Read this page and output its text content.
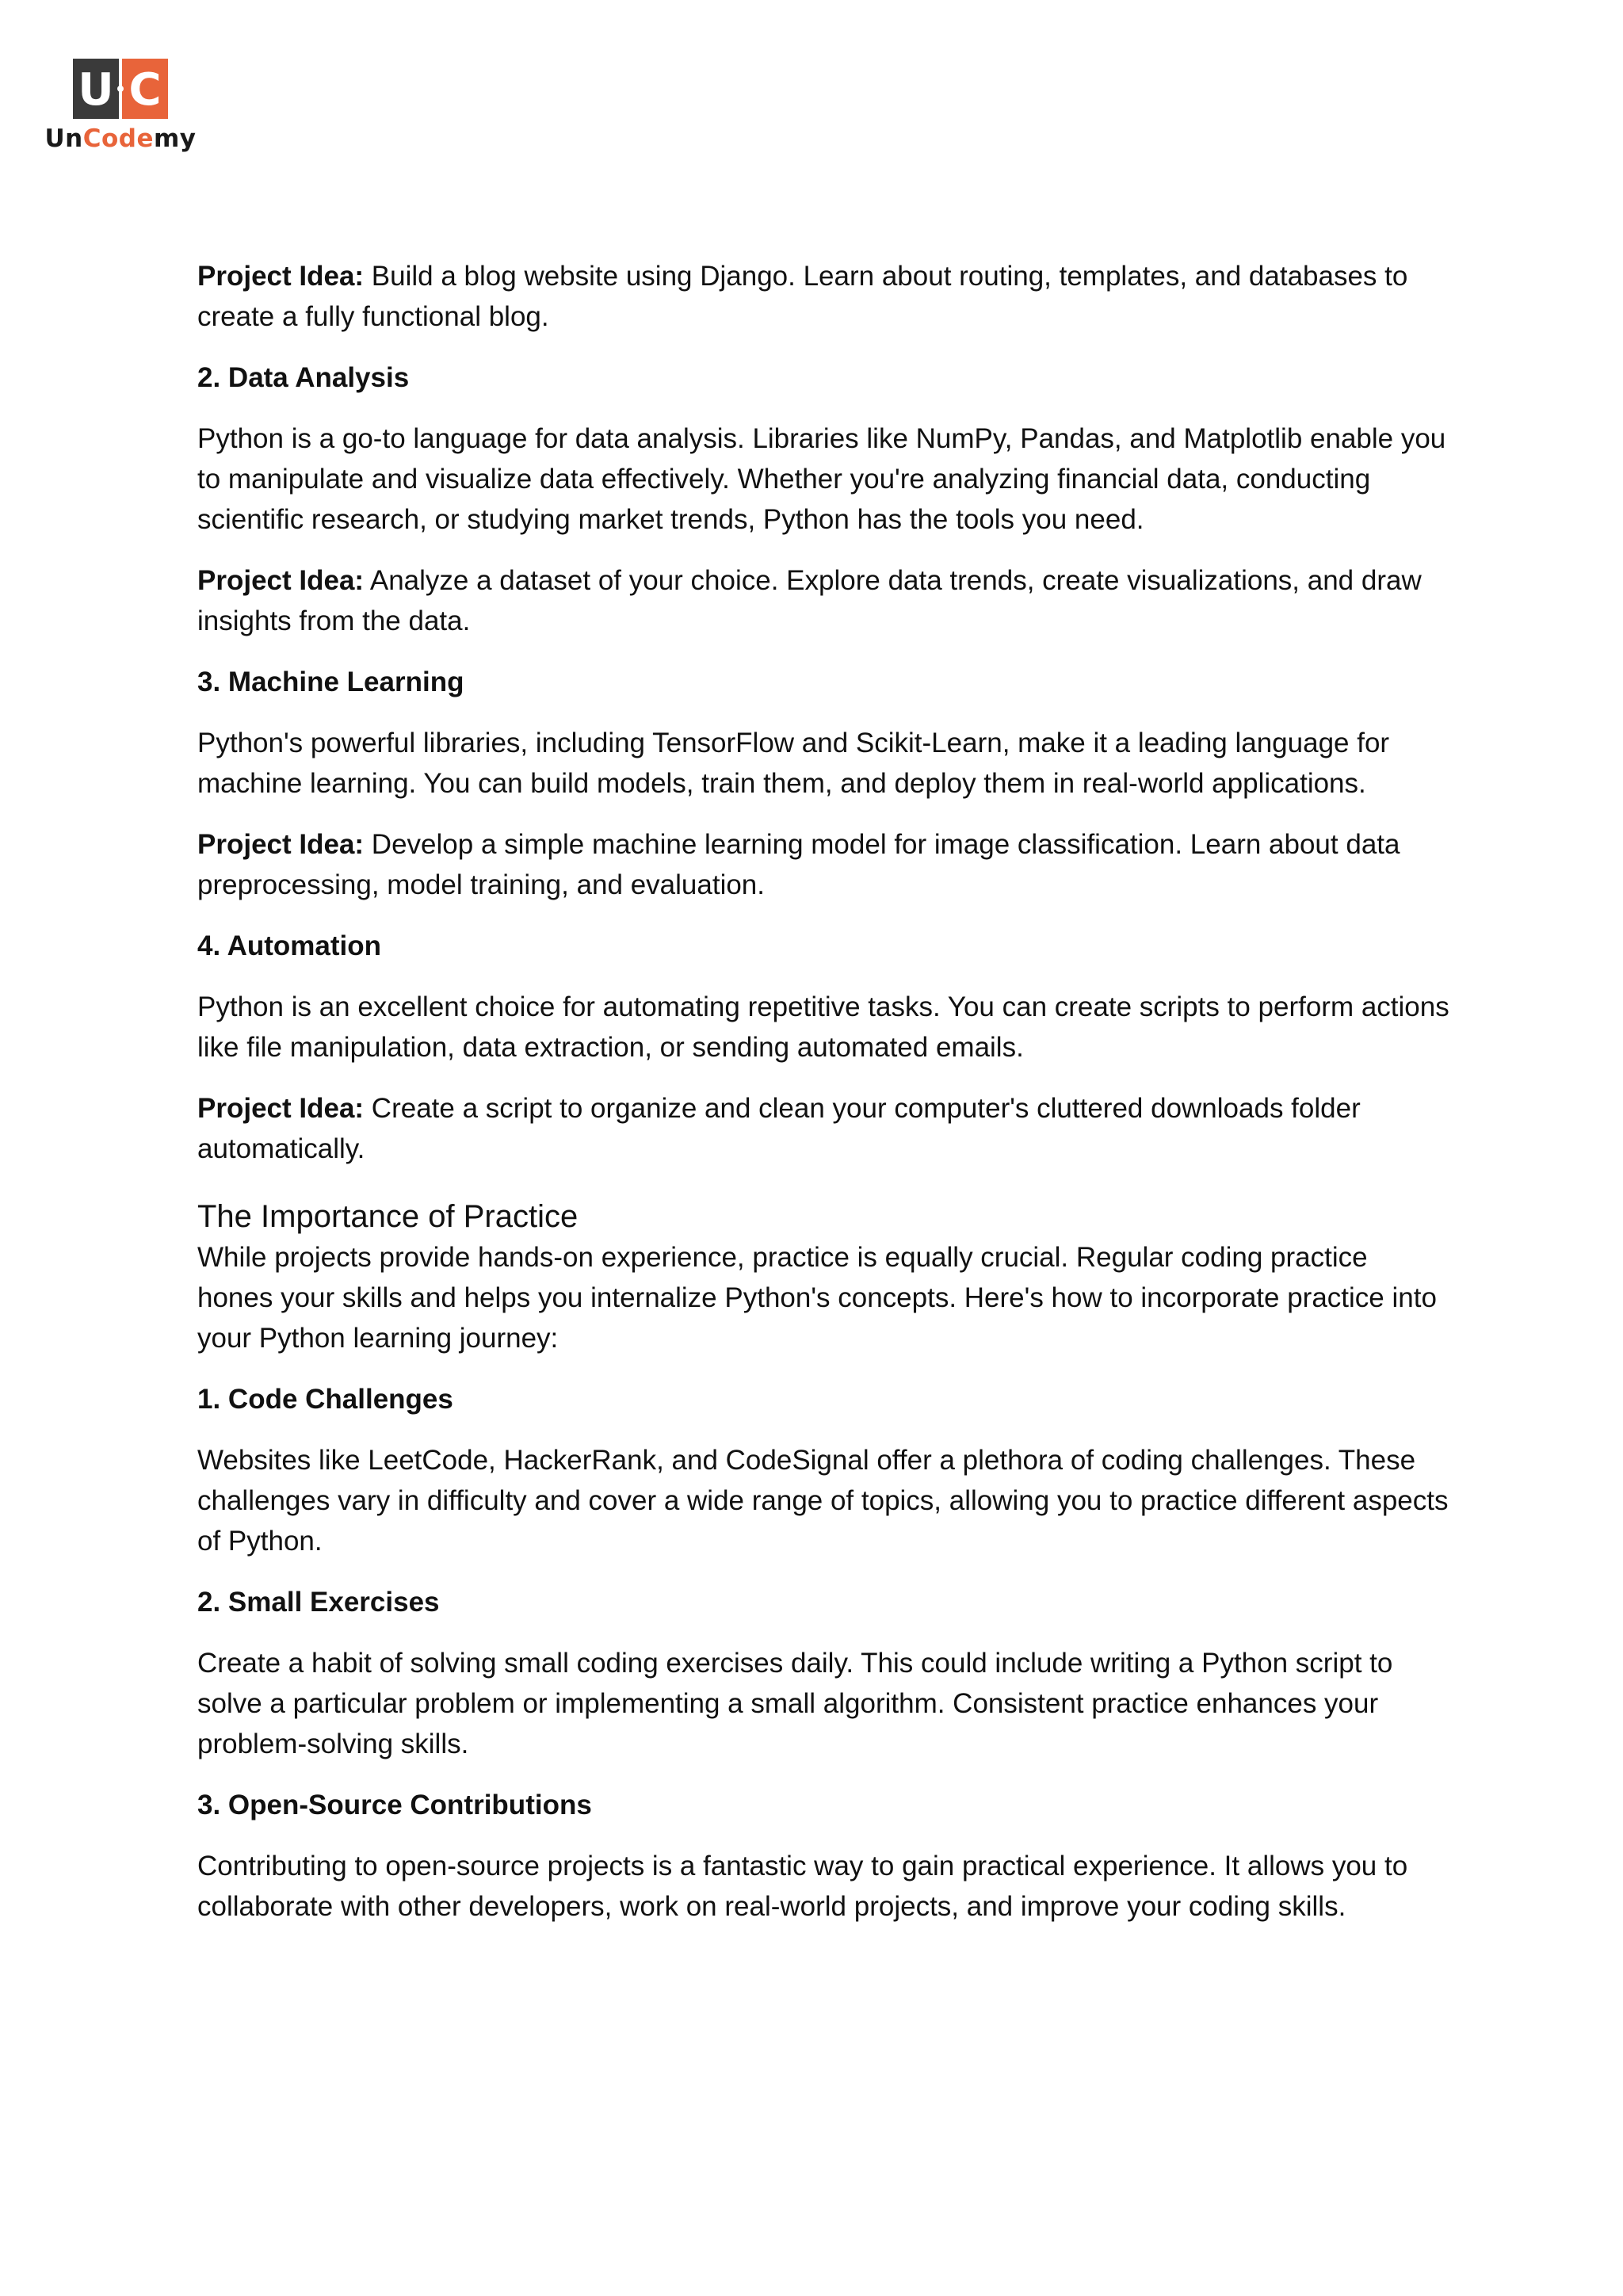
U C
UnCodemy

Project Idea: Build a blog website using Django. Learn about routing, templates, and databases to create a fully functional blog.

2. Data Analysis

Python is a go-to language for data analysis. Libraries like NumPy, Pandas, and Matplotlib enable you to manipulate and visualize data effectively. Whether you're analyzing financial data, conducting scientific research, or studying market trends, Python has the tools you need.

Project Idea: Analyze a dataset of your choice. Explore data trends, create visualizations, and draw insights from the data.

3. Machine Learning

Python's powerful libraries, including TensorFlow and Scikit-Learn, make it a leading language for machine learning. You can build models, train them, and deploy them in real-world applications.

Project Idea: Develop a simple machine learning model for image classification. Learn about data preprocessing, model training, and evaluation.

4. Automation

Python is an excellent choice for automating repetitive tasks. You can create scripts to perform actions like file manipulation, data extraction, or sending automated emails.

Project Idea: Create a script to organize and clean your computer's cluttered downloads folder automatically.

The Importance of Practice

While projects provide hands-on experience, practice is equally crucial. Regular coding practice hones your skills and helps you internalize Python's concepts. Here's how to incorporate practice into your Python learning journey:

1. Code Challenges

Websites like LeetCode, HackerRank, and CodeSignal offer a plethora of coding challenges. These challenges vary in difficulty and cover a wide range of topics, allowing you to practice different aspects of Python.

2. Small Exercises

Create a habit of solving small coding exercises daily. This could include writing a Python script to solve a particular problem or implementing a small algorithm. Consistent practice enhances your problem-solving skills.

3. Open-Source Contributions

Contributing to open-source projects is a fantastic way to gain practical experience. It allows you to collaborate with other developers, work on real-world projects, and improve your coding skills.
